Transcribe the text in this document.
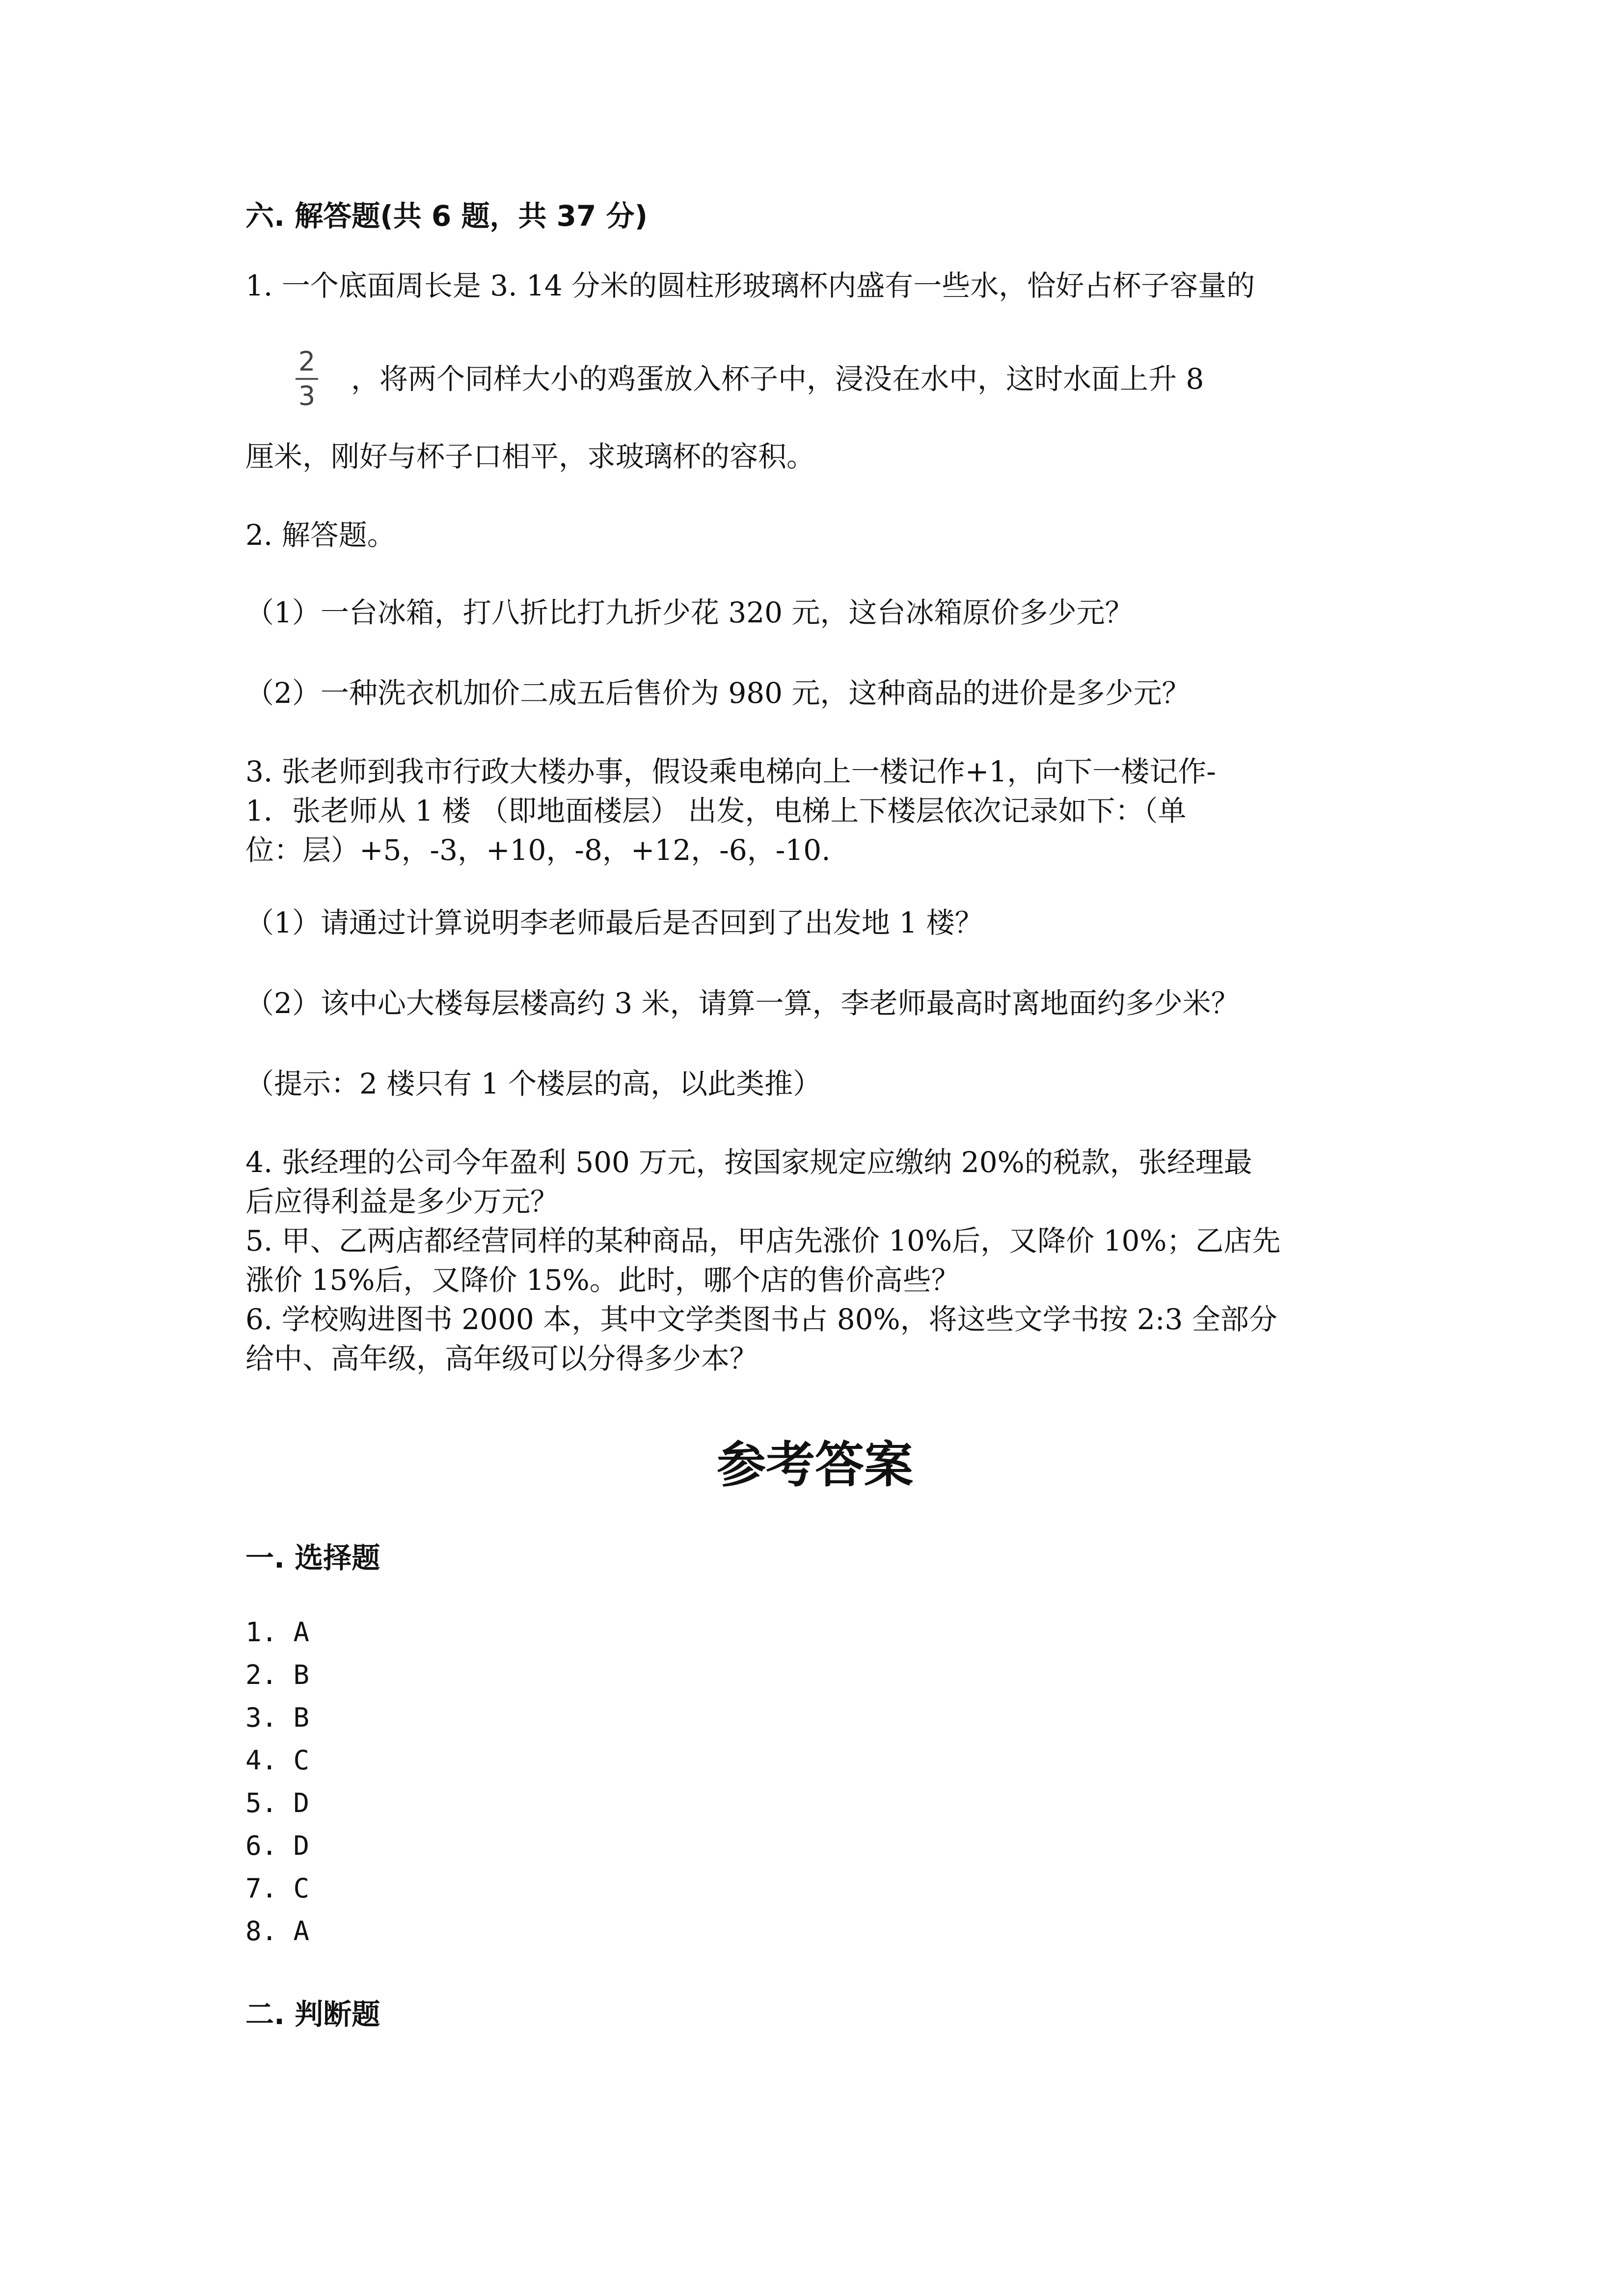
六. 解答题(共 6 题，共 37 分)

1. 一个底面周长是 3. 14 分米的圆柱形玻璃杯内盛有一些水，恰好占杯子容量的

$\frac{2}{3}$ ，将两个同样大小的鸡蛋放入杯子中，浸没在水中，这时水面上升 8

厘米，刚好与杯子口相平，求玻璃杯的容积。

2. 解答题。

（1）一台冰箱，打八折比打九折少花 320 元，这台冰箱原价多少元？

（2）一种洗衣机加价二成五后售价为 980 元，这种商品的进价是多少元？

3. 张老师到我市行政大楼办事，假设乘电梯向上一楼记作+1，向下一楼记作-

1．张老师从 1 楼 （即地面楼层） 出发，电梯上下楼层依次记录如下：（单

位：层）+5，-3，+10，-8，+12，-6，-10.

（1）请通过计算说明李老师最后是否回到了出发地 1 楼？

（2）该中心大楼每层楼高约 3 米，请算一算，李老师最高时离地面约多少米？

（提示：2 楼只有 1 个楼层的高，以此类推）

4. 张经理的公司今年盈利 500 万元，按国家规定应缴纳 20%的税款，张经理最

后应得利益是多少万元？

5. 甲、乙两店都经营同样的某种商品，甲店先涨价 10%后，又降价 10%；乙店先

涨价 15%后，又降价 15%。此时，哪个店的售价高些？

6. 学校购进图书 2000 本，其中文学类图书占 80%，将这些文学书按 2:3 全部分

给中、高年级，高年级可以分得多少本？

参考答案

一. 选择题

1. A
2. B
3. B
4. C
5. D
6. D
7. C
8. A

二. 判断题
